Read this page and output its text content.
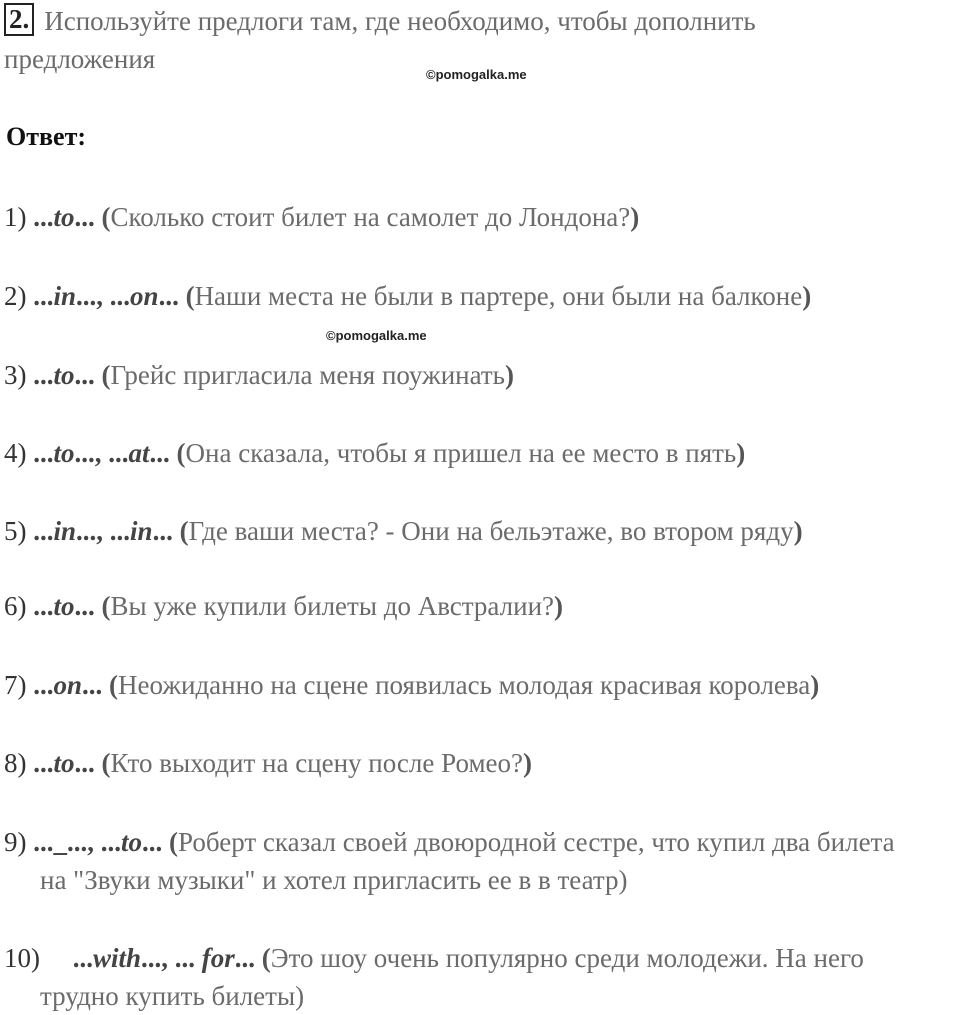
2. Используйте предлоги там, где необходимо, чтобы дополнить
предложения
©pomogalka.me
©pomogalka.me
Ответ:
1) ...to... (Сколько стоит билет на самолет до Лондона?)
2) ...in..., ...on... (Наши места не были в партере, они были на балконе)
3) ...to... (Грейс пригласила меня поужинать)
4) ...to..., ...at... (Она сказала, чтобы я пришел на ее место в пять)
5) ...in..., ...in... (Где ваши места? - Они на бельэтаже, во втором ряду)
6) ...to... (Вы уже купили билеты до Австралии?)
7) ...on... (Неожиданно на сцене появилась молодая красивая королева)
8) ...to... (Кто выходит на сцену после Ромео?)
9) ..._..., ...to... (Роберт сказал своей двоюродной сестре, что купил два билета
на "Звуки музыки" и хотел пригласить ее в в театр)
10) ...with..., ... for... (Это шоу очень популярно среди молодежи. На него
трудно купить билеты)
